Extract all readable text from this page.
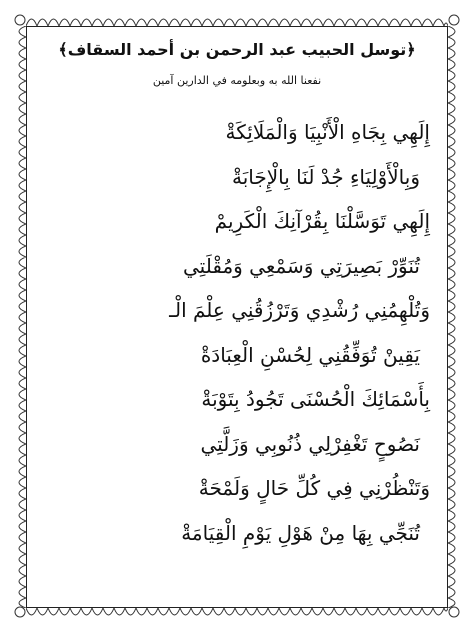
﴿توسل الحبيب عبد الرحمن بن أحمد السقاف﴾
نفعنا الله به وبعلومه في الدارين آمين
إِلَهِي بِجَاهِ الْأَنْبِيَا وَالْمَلَائِكَةْ
وَبِالْأَوْلِيَاءِ جُدْ لَنَا بِالْإِجَابَةْ
إِلَهِي تَوَسَّلْنَا بِقُرْآنِكَ الْكَرِيمْ
تُنَوِّرْ بَصِيرَتِي وَسَمْعِي وَمُقْلَتِي
وَتُلْهِمُنِي رُشْدِي وَتَرْزُقُنِي عِلْمَ الْـ
يَقِينْ تُوَفِّقُنِي لِحُسْنِ الْعِبَادَةْ
بِأَسْمَائِكَ الْحُسْنَى تَجُودُ بِتَوْبَةْ
نَصُوحٍ تَغْفِرْلِي ذُنُوبِي وَزَلَّتِي
وَتَنْظُرْنِي فِي كُلِّ حَالٍ وَلَمْحَةْ
تُنَجِّي بِهَا مِنْ هَوْلِ يَوْمِ الْقِيَامَةْ
